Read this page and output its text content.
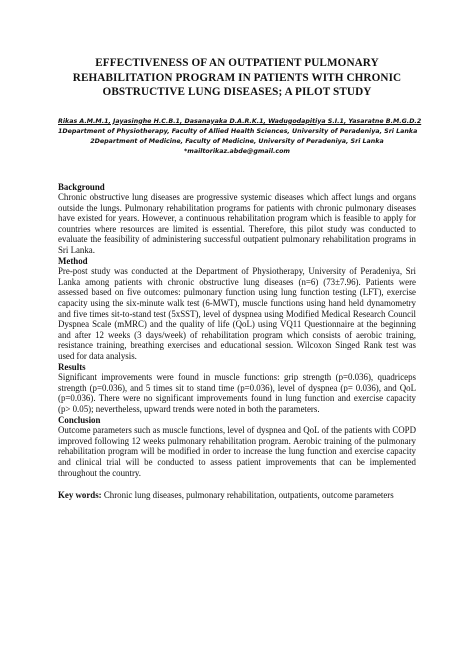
EFFECTIVENESS OF AN OUTPATIENT PULMONARY
REHABILITATION PROGRAM IN PATIENTS WITH CHRONIC
OBSTRUCTIVE LUNG DISEASES; A PILOT STUDY
Rikas A.M.M.1, Jayasinghe H.C.B.1, Dasanayaka D.A.R.K.1, Wadugodapitiya S.I.1, Yasaratne B.M.G.D.2
1Department of Physiotherapy, Faculty of Allied Health Sciences, University of Peradeniya, Sri Lanka
2Department of Medicine, Faculty of Medicine, University of Peradeniya, Sri Lanka
*mailtorikaz.abde@gmail.com
Background

Chronic obstructive lung diseases are progressive systemic diseases which affect lungs and organs outside the lungs. Pulmonary rehabilitation programs for patients with chronic pulmonary diseases have existed for years. However, a continuous rehabilitation program which is feasible to apply for countries where resources are limited is essential. Therefore, this pilot study was conducted to evaluate the feasibility of administering successful outpatient pulmonary rehabilitation programs in Sri Lanka.

Method

Pre-post study was conducted at the Department of Physiotherapy, University of Peradeniya, Sri Lanka among patients with chronic obstructive lung diseases (n=6) (73±7.96). Patients were assessed based on five outcomes: pulmonary function using lung function testing (LFT), exercise capacity using the six-minute walk test (6-MWT), muscle functions using hand held dynamometry and five times sit-to-stand test (5xSST), level of dyspnea using Modified Medical Research Council Dyspnea Scale (mMRC) and the quality of life (QoL) using VQ11 Questionnaire at the beginning and after 12 weeks (3 days/week) of rehabilitation program which consists of aerobic training, resistance training, breathing exercises and educational session. Wilcoxon Singed Rank test was used for data analysis.

Results

Significant improvements were found in muscle functions: grip strength (p=0.036), quadriceps strength (p=0.036), and 5 times sit to stand time (p=0.036), level of dyspnea (p= 0.036), and QoL (p=0.036). There were no significant improvements found in lung function and exercise capacity (p> 0.05); nevertheless, upward trends were noted in both the parameters.

Conclusion

Outcome parameters such as muscle functions, level of dyspnea and QoL of the patients with COPD improved following 12 weeks pulmonary rehabilitation program. Aerobic training of the pulmonary rehabilitation program will be modified in order to increase the lung function and exercise capacity and clinical trial will be conducted to assess patient improvements that can be implemented throughout the country.

Key words: Chronic lung diseases, pulmonary rehabilitation, outpatients, outcome parameters
